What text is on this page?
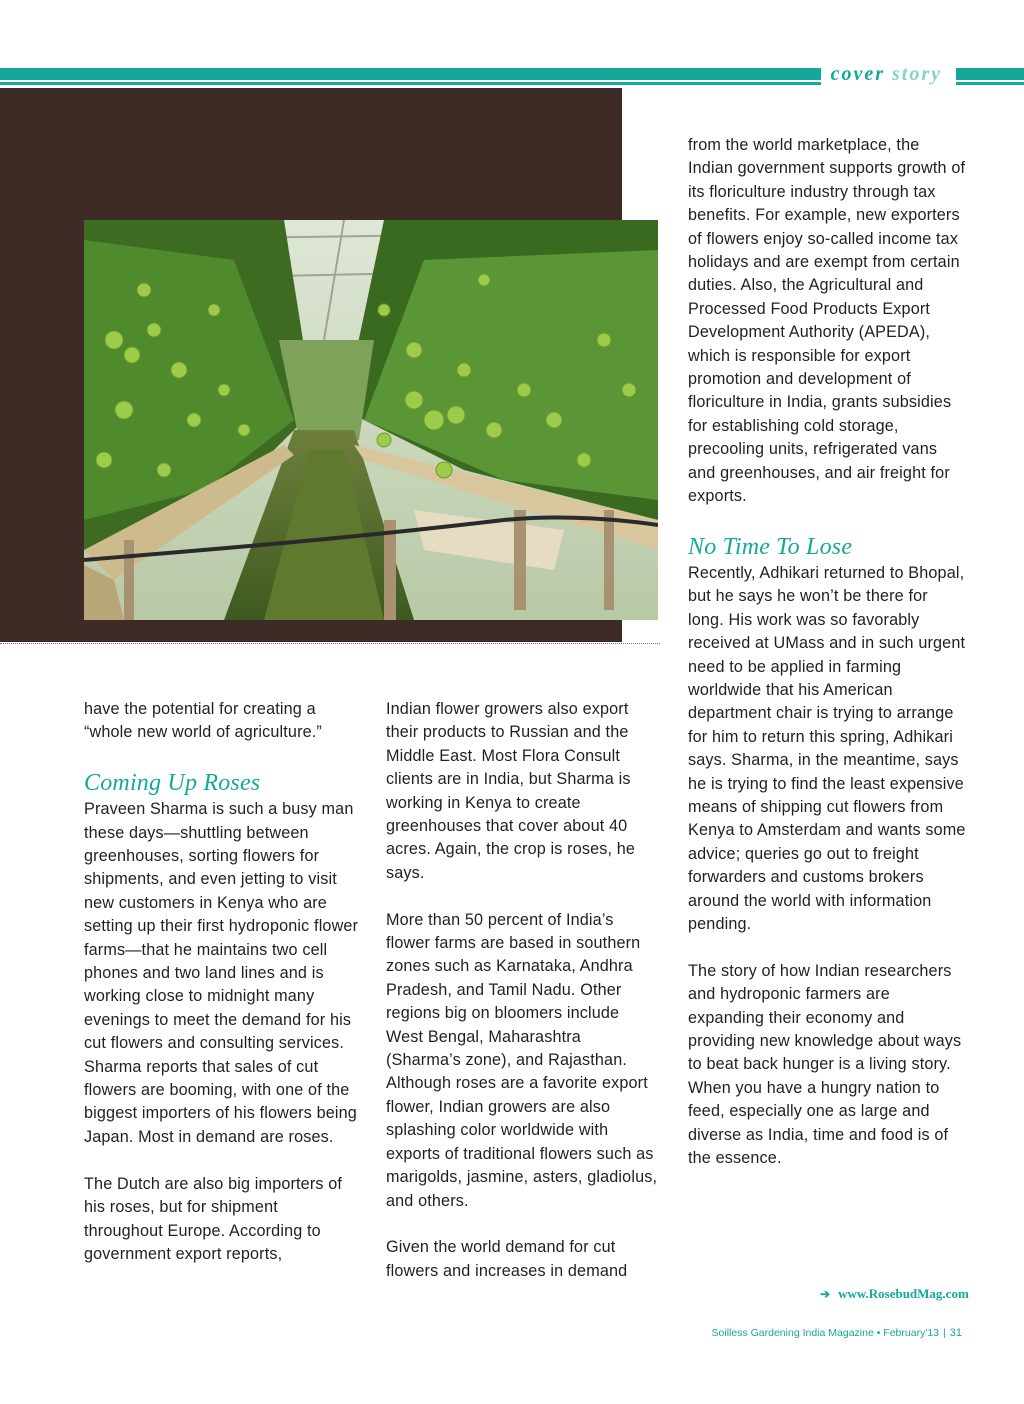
cover story

have the potential for creating a “whole new world of agriculture.”

Coming Up Roses

Praveen Sharma is such a busy man these days—shuttling between greenhouses, sorting flowers for shipments, and even jetting to visit new customers in Kenya who are setting up their first hydroponic flower farms—that he maintains two cell phones and two land lines and is working close to midnight many evenings to meet the demand for his cut flowers and consulting services. Sharma reports that sales of cut flowers are booming, with one of the biggest importers of his flowers being Japan. Most in demand are roses.

The Dutch are also big importers of his roses, but for shipment throughout Europe. According to government export reports,

Indian flower growers also export their products to Russian and the Middle East. Most Flora Consult clients are in India, but Sharma is working in Kenya to create greenhouses that cover about 40 acres. Again, the crop is roses, he says.

More than 50 percent of India’s flower farms are based in southern zones such as Karnataka, Andhra Pradesh, and Tamil Nadu. Other regions big on bloomers include West Bengal, Maharashtra (Sharma’s zone), and Rajasthan. Although roses are a favorite export flower, Indian growers are also splashing color worldwide with exports of traditional flowers such as marigolds, jasmine, asters, gladiolus, and others.

Given the world demand for cut flowers and increases in demand

from the world marketplace, the Indian government supports growth of its floriculture industry through tax benefits. For example, new exporters of flowers enjoy so-called income tax holidays and are exempt from certain duties. Also, the Agricultural and Processed Food Products Export Development Authority (APEDA), which is responsible for export promotion and development of floriculture in India, grants subsidies for establishing cold storage, precooling units, refrigerated vans and greenhouses, and air freight for exports.

No Time To Lose

Recently, Adhikari returned to Bhopal, but he says he won’t be there for long. His work was so favorably received at UMass and in such urgent need to be applied in farming worldwide that his American department chair is trying to arrange for him to return this spring, Adhikari says. Sharma, in the meantime, says he is trying to find the least expensive means of shipping cut flowers from Kenya to Amsterdam and wants some advice; queries go out to freight forwarders and customs brokers around the world with information pending.

The story of how Indian researchers and hydroponic farmers are expanding their economy and providing new knowledge about ways to beat back hunger is a living story. When you have a hungry nation to feed, especially one as large and diverse as India, time and food is of the essence.

➔ www.RosebudMag.com
Soilless Gardening India Magazine • February'13 | 31
